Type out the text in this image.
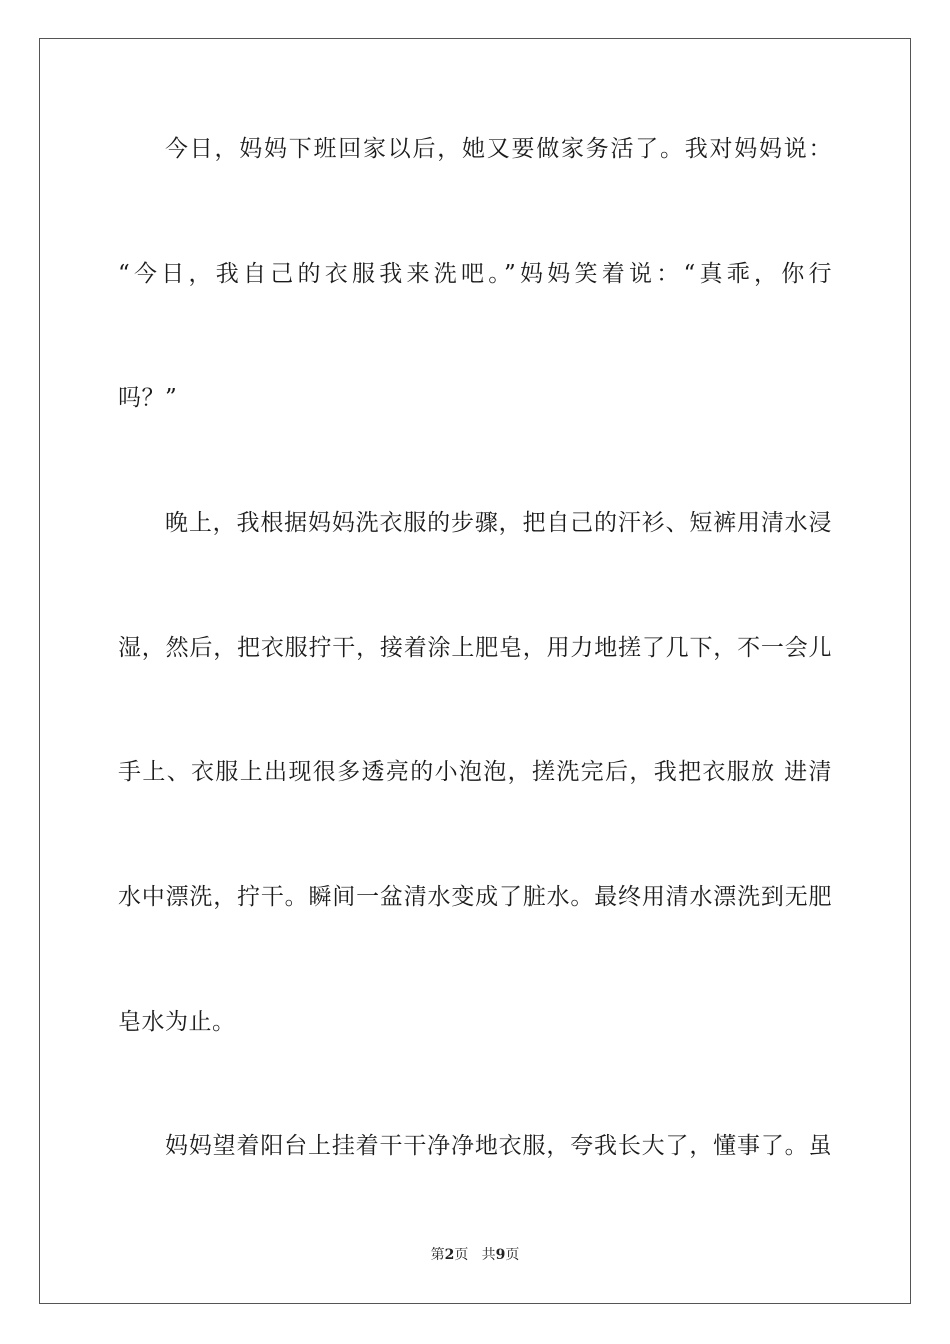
今日，妈妈下班回家以后，她又要做家务活了。我对妈妈说：
“今日，我自己的衣服我来洗吧。”妈妈笑着说：“真乖，你行
吗？”
晚上，我根据妈妈洗衣服的步骤，把自己的汗衫、短裤用清水浸
湿，然后，把衣服拧干，接着涂上肥皂，用力地搓了几下，不一会儿
手上、衣服上出现很多透亮的小泡泡，搓洗完后，我把衣服放 进清
水中漂洗，拧干。瞬间一盆清水变成了脏水。最终用清水漂洗到无肥
皂水为止。
妈妈望着阳台上挂着干干净净地衣服，夸我长大了，懂事了。虽
第2页 共9页
